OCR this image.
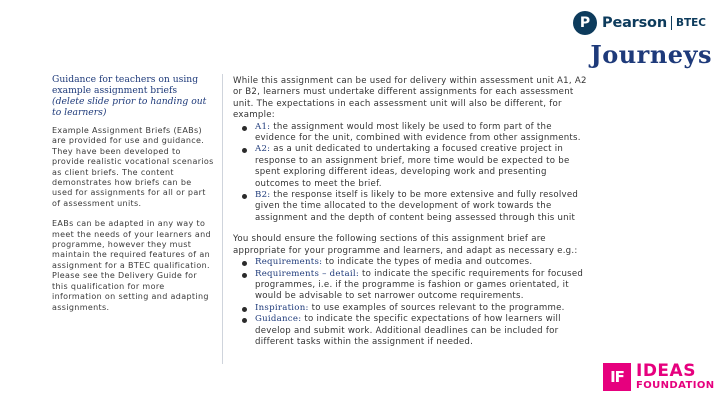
P Pearson BTEC
Journeys
Guidance for teachers on using example assignment briefs
(delete slide prior to handing out to learners)

Example Assignment Briefs (EABs) are provided for use and guidance. They have been developed to provide realistic vocational scenarios as client briefs. The content demonstrates how briefs can be used for assignments for all or part of assessment units.

EABs can be adapted in any way to meet the needs of your learners and programme, however they must maintain the required features of an assignment for a BTEC qualification. Please see the Delivery Guide for this qualification for more information on setting and adapting assignments.

While this assignment can be used for delivery within assessment unit A1, A2 or B2, learners must undertake different assignments for each assessment unit. The expectations in each assessment unit will also be different, for example:

A1: the assignment would most likely be used to form part of the evidence for the unit, combined with evidence from other assignments.
A2: as a unit dedicated to undertaking a focused creative project in response to an assignment brief, more time would be expected to be spent exploring different ideas, developing work and presenting outcomes to meet the brief.
B2: the response itself is likely to be more extensive and fully resolved given the time allocated to the development of work towards the assignment and the depth of content being assessed through this unit

You should ensure the following sections of this assignment brief are appropriate for your programme and learners, and adapt as necessary e.g.:

Requirements: to indicate the types of media and outcomes.
Requirements – detail: to indicate the specific requirements for focused programmes, i.e. if the programme is fashion or games orientated, it would be advisable to set narrower outcome requirements.
Inspiration: to use examples of sources relevant to the programme.
Guidance: to indicate the specific expectations of how learners will develop and submit work. Additional deadlines can be included for different tasks within the assignment if needed.
IF IDEAS
FOUNDATION
